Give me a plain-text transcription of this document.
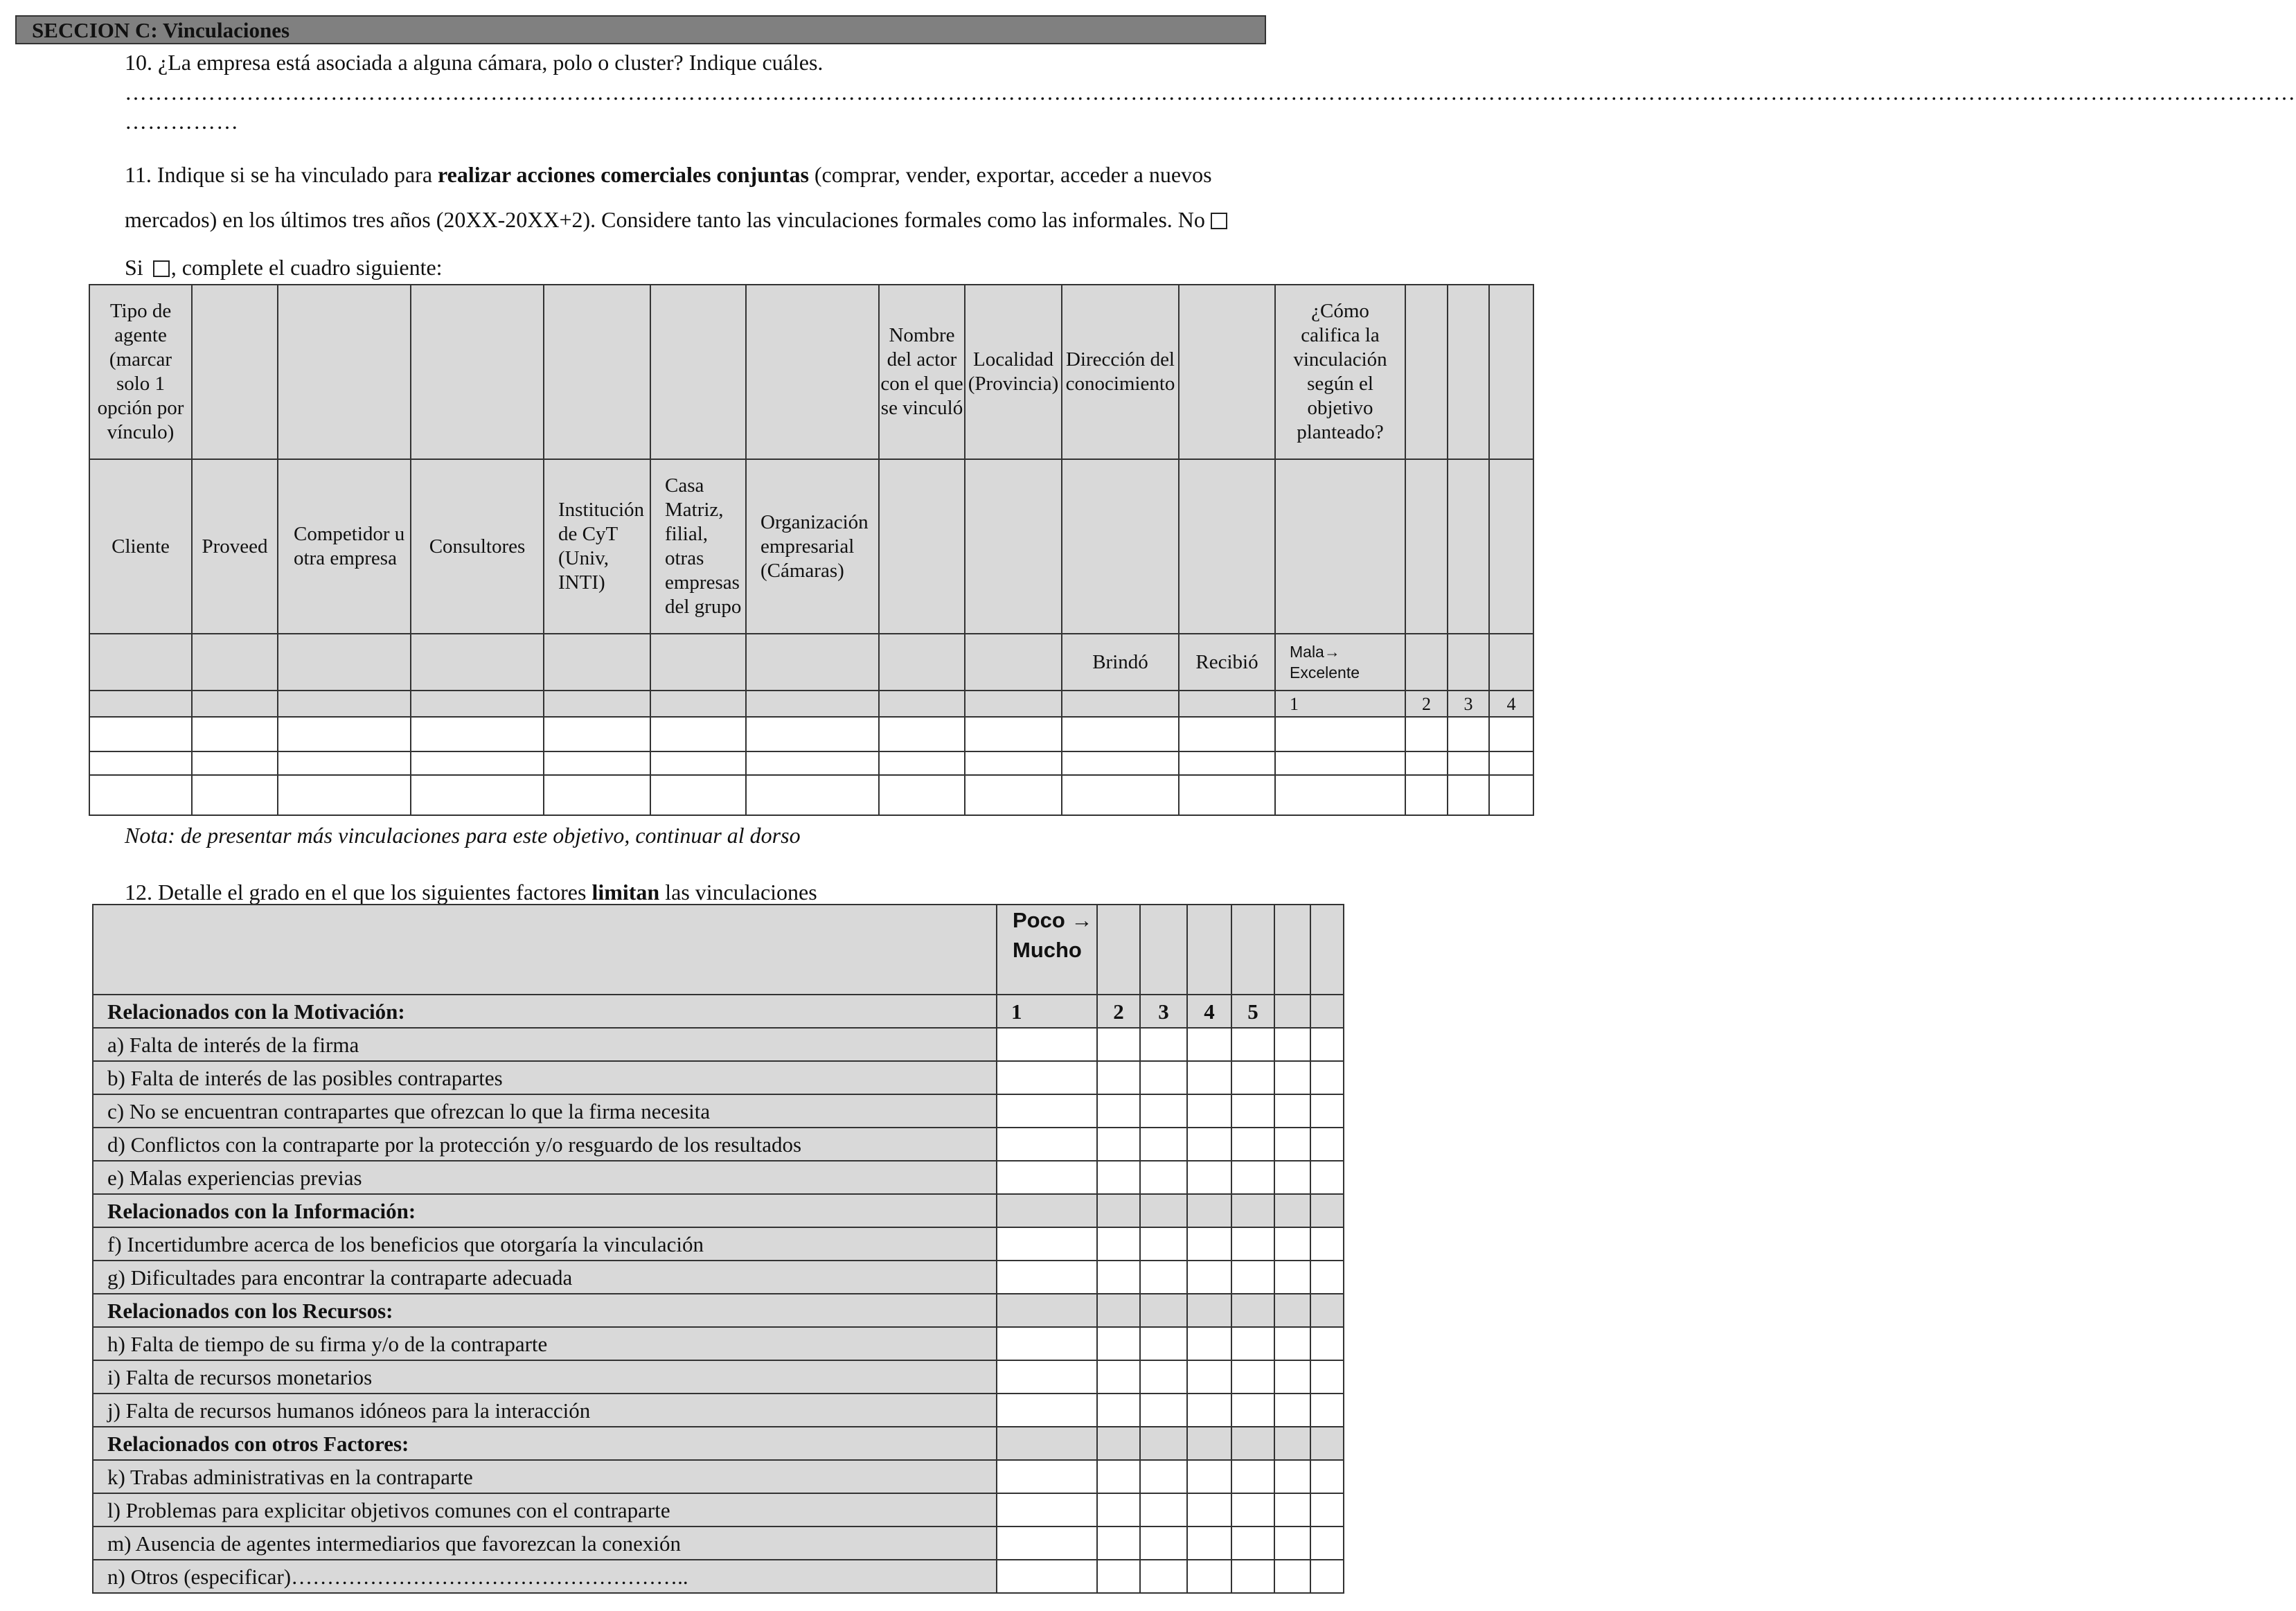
SECCION C: Vinculaciones
10. ¿La empresa está asociada a alguna cámara, polo o cluster? Indique cuáles.
……………………………………………………………………………………………………………………………………………………………………………………………………………………………………………………………
……………
11. Indique si se ha vinculado para realizar acciones comerciales conjuntas (comprar, vender, exportar, acceder a nuevos
mercados) en los últimos tres años (20XX-20XX+2). Considere tanto las vinculaciones formales como las informales. No
Si , complete el cuadro siguiente:
Tipo de agente (marcar solo 1 opción por vínculo)							Nombre del actor con el que se vinculó	Localidad (Provincia)	Dirección del conocimiento		¿Cómo califica la vinculación según el objetivo planteado?			
Cliente	Proveed	Competidor u otra empresa	Consultores	Institución de CyT (Univ, INTI)	Casa Matriz, filial, otras empresas del grupo	Organización empresarial (Cámaras)								
									Brindó	Recibió	Mala→ Excelente			
											1	2	3	4

Nota: de presentar más vinculaciones para este objetivo, continuar al dorso
12. Detalle el grado en el que los siguientes factores limitan las vinculaciones
	Poco → Mucho						
Relacionados con la Motivación:	1	2	3	4	5		
a) Falta de interés de la firma							
b) Falta de interés de las posibles contrapartes							
c) No se encuentran contrapartes que ofrezcan lo que la firma necesita							
d) Conflictos con la contraparte por la protección y/o resguardo de los resultados							
e) Malas experiencias previas							
Relacionados con la Información:							
f) Incertidumbre acerca de los beneficios que otorgaría la vinculación							
g) Dificultades para encontrar la contraparte adecuada							
Relacionados con los Recursos:							
h) Falta de tiempo de su firma y/o de la contraparte							
i) Falta de recursos monetarios							
j) Falta de recursos humanos idóneos para la interacción							
Relacionados con otros Factores:							
k) Trabas administrativas en la contraparte							
l) Problemas para explicitar objetivos comunes con el contraparte							
m) Ausencia de agentes intermediarios que favorezcan la conexión							
n) Otros (especificar)………………………………………………..							
